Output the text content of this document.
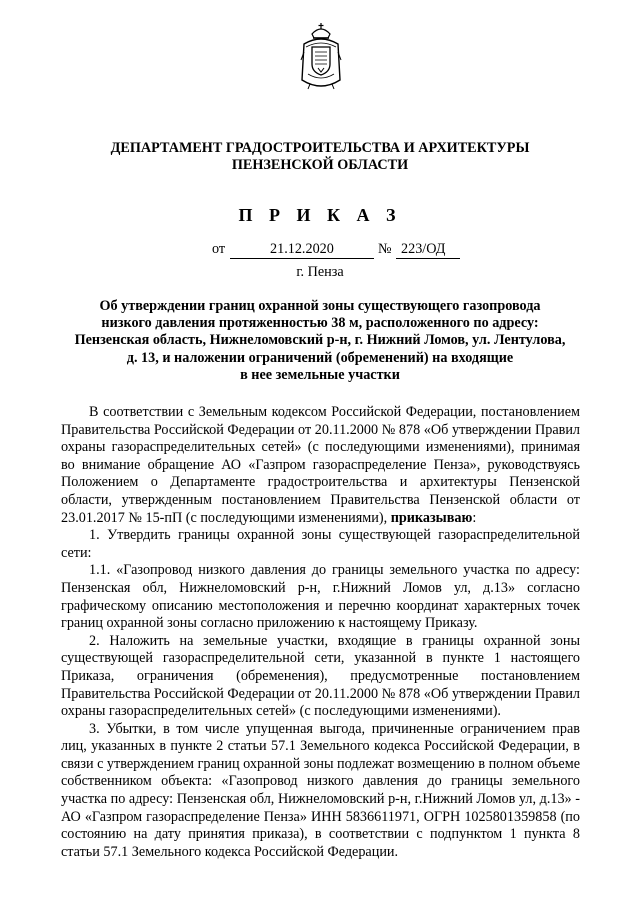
ДЕПАРТАМЕНТ ГРАДОСТРОИТЕЛЬСТВА И АРХИТЕКТУРЫ
ПЕНЗЕНСКОЙ ОБЛАСТИ
П Р И К А З
от	21.12.2020	№ 223/ОД
г. Пенза
Об утверждении границ охранной зоны существующего газопровода
низкого давления протяженностью 38 м, расположенного по адресу:
Пензенская область, Нижнеломовский р-н, г. Нижний Ломов, ул. Лентулова,
д. 13, и наложении ограничений (обременений) на входящие
в нее земельные участки

В соответствии с Земельным кодексом Российской Федерации, постановлением Правительства Российской Федерации от 20.11.2000 № 878 «Об утверждении Правил охраны газораспределительных сетей» (с последующими изменениями), принимая во внимание обращение АО «Газпром газораспределение Пенза», руководствуясь Положением о Департаменте градостроительства и архитектуры Пензенской области, утвержденным постановлением Правительства Пензенской области от 23.01.2017 № 15-пП (с последующими изменениями), приказываю:

1. Утвердить границы охранной зоны существующей газораспределительной сети:

1.1. «Газопровод низкого давления до границы земельного участка по адресу: Пензенская обл, Нижнеломовский р-н, г.Нижний Ломов ул, д.13» согласно графическому описанию местоположения и перечню координат характерных точек границ охранной зоны согласно приложению к настоящему Приказу.

2. Наложить на земельные участки, входящие в границы охранной зоны существующей газораспределительной сети, указанной в пункте 1 настоящего Приказа, ограничения (обременения), предусмотренные постановлением Правительства Российской Федерации от 20.11.2000 № 878 «Об утверждении Правил охраны газораспределительных сетей» (с последующими изменениями).

3. Убытки, в том числе упущенная выгода, причиненные ограничением прав лиц, указанных в пункте 2 статьи 57.1 Земельного кодекса Российской Федерации, в связи с утверждением границ охранной зоны подлежат возмещению в полном объеме собственником объекта: «Газопровод низкого давления до границы земельного участка по адресу: Пензенская обл, Нижнеломовский р-н, г.Нижний Ломов ул, д.13» - АО «Газпром газораспределение Пенза» ИНН 5836611971, ОГРН 1025801359858 (по состоянию на дату принятия приказа), в соответствии с подпунктом 1 пункта 8 статьи 57.1 Земельного кодекса Российской Федерации.
